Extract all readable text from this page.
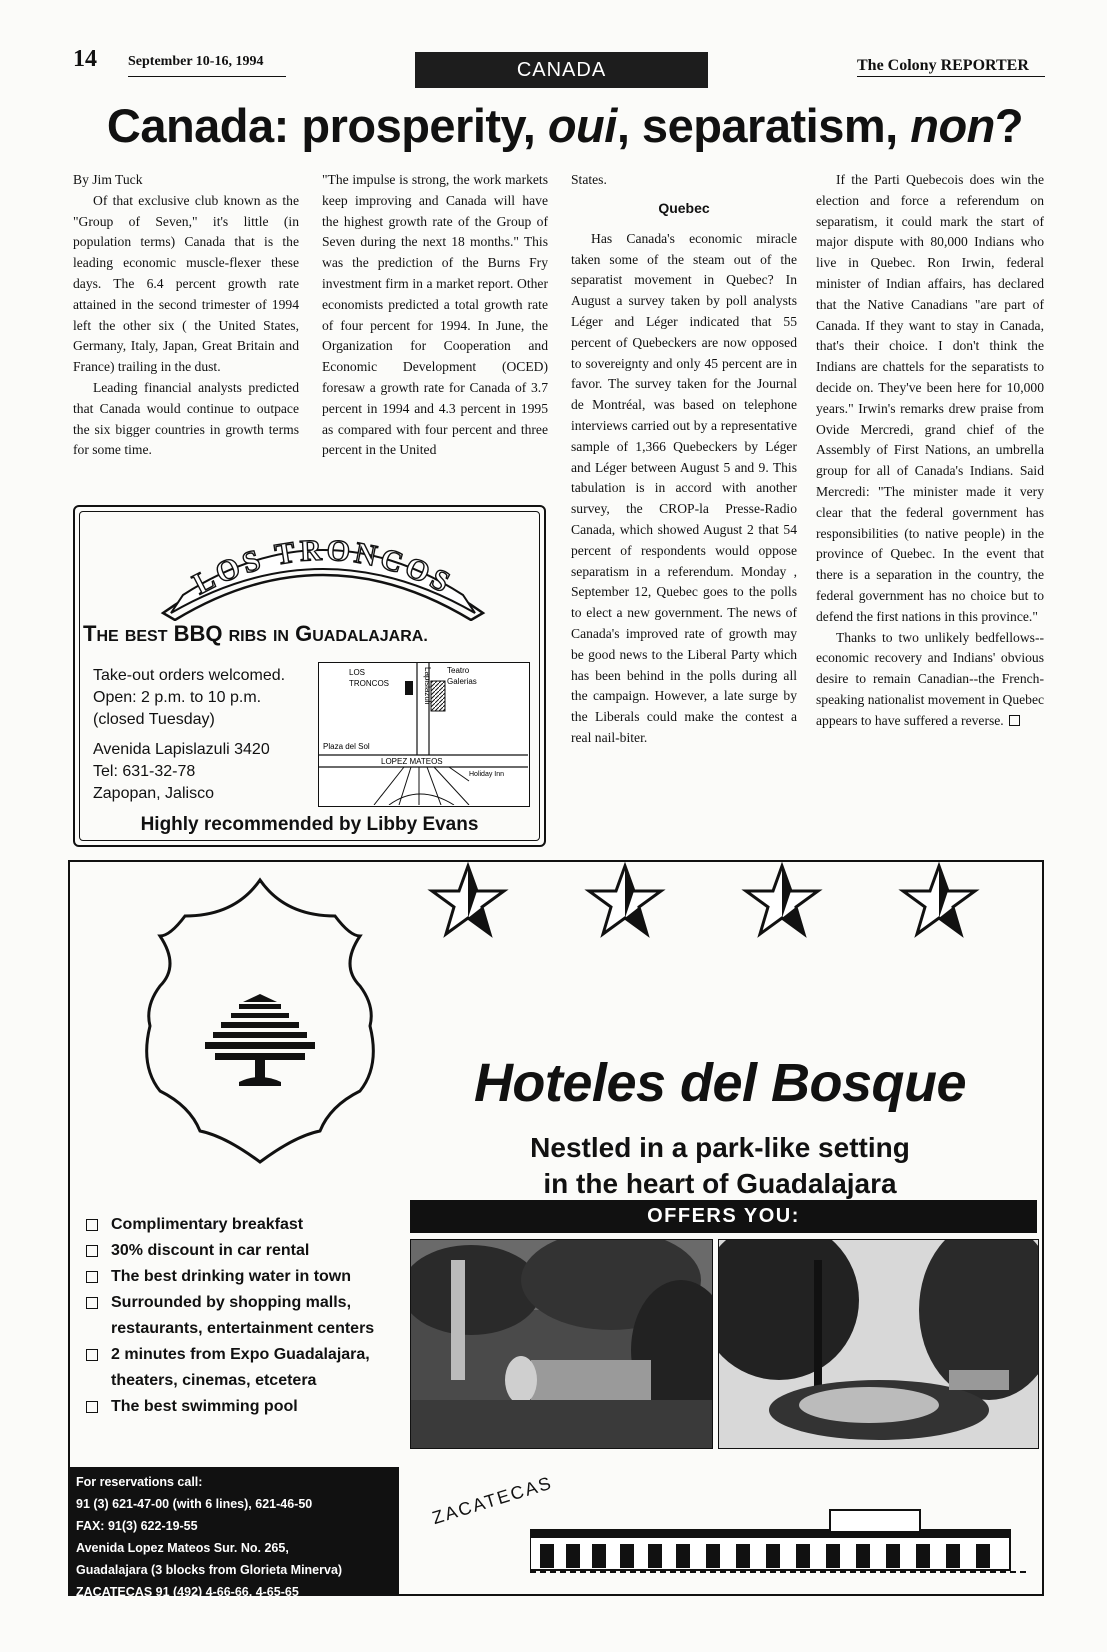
14 September 10-16, 1994	CANADA	The Colony REPORTER
Canada: prosperity, oui, separatism, non?

By Jim Tuck

Of that exclusive club known as the "Group of Seven," it's little (in population terms) Canada that is the leading economic muscle-flexer these days. The 6.4 percent growth rate attained in the second trimester of 1994 left the other six ( the United States, Germany, Italy, Japan, Great Britain and France) trailing in the dust.

Leading financial analysts predicted that Canada would continue to outpace the six bigger countries in growth terms for some time.

"The impulse is strong, the work markets keep improving and Canada will have the highest growth rate of the Group of Seven during the next 18 months." This was the prediction of the Burns Fry investment firm in a market report. Other economists predicted a total growth rate of four percent for 1994. In June, the Organization for Cooperation and Economic Development (OCED) foresaw a growth rate for Canada of 3.7 percent in 1994 and 4.3 percent in 1995 as compared with four percent and three percent in the United

States.

Quebec

Has Canada's economic miracle taken some of the steam out of the separatist movement in Quebec? In August a survey taken by poll analysts Léger and Léger indicated that 55 percent of Quebeckers are now opposed to sovereignty and only 45 percent are in favor. The survey taken for the Journal de Montréal, was based on telephone interviews carried out by a representative sample of 1,366 Quebeckers by Léger and Léger between August 5 and 9. This tabulation is in accord with another survey, the CROP-la Presse-Radio Canada, which showed August 2 that 54 percent of respondents would oppose separatism in a referendum. Monday , September 12, Quebec goes to the polls to elect a new government. The news of Canada's improved rate of growth may be good news to the Liberal Party which has been behind in the polls during all the campaign. However, a late surge by the Liberals could make the contest a real nail-biter.

If the Parti Quebecois does win the election and force a referendum on separatism, it could mark the start of major dispute with 80,000 Indians who live in Quebec. Ron Irwin, federal minister of Indian affairs, has declared that the Native Canadians "are part of Canada. If they want to stay in Canada, that's their choice. I don't think the Indians are chattels for the separatists to decide on. They've been here for 10,000 years." Irwin's remarks drew praise from Ovide Mercredi, grand chief of the Assembly of First Nations, an umbrella group for all of Canada's Indians. Said Mercredi: "The minister made it very clear that the federal government has responsibilities (to native people) in the province of Quebec. In the event that there is a separation in the country, the federal government has no choice but to defend the first nations in this province."

Thanks to two unlikely bedfellows--economic recovery and Indians' obvious desire to remain Canadian--the French-speaking nationalist movement in Quebec appears to have suffered a reverse.

LOS TRONCOS
THE BEST BBQ RIBS IN GUADALAJARA.
Take-out orders welcomed.
Open: 2 p.m. to 10 p.m.
(closed Tuesday)
Avenida Lapislazuli 3420
Tel: 631-32-78
Zapopan, Jalisco
LOS
TRONCOS	Lapislazuli Teatro
Galerias
Plaza del Sol
LOPEZ MATEOS
Holiday Inn
Highly recommended by Libby Evans
Hoteles del Bosque
Nestled in a park-like setting
in the heart of Guadalajara
OFFERS YOU:
Complimentary breakfast
30% discount in car rental
The best drinking water in town
Surrounded by shopping malls, restaurants, entertainment centers
2 minutes from Expo Guadalajara, theaters, cinemas, etcetera
The best swimming pool
For reservations call:
91 (3) 621-47-00 (with 6 lines), 621-46-50
FAX: 91(3) 622-19-55
Avenida Lopez Mateos Sur. No. 265,
Guadalajara (3 blocks from Glorieta Minerva)
ZACATECAS 91 (492) 4-66-66, 4-65-65
ZACATECAS
